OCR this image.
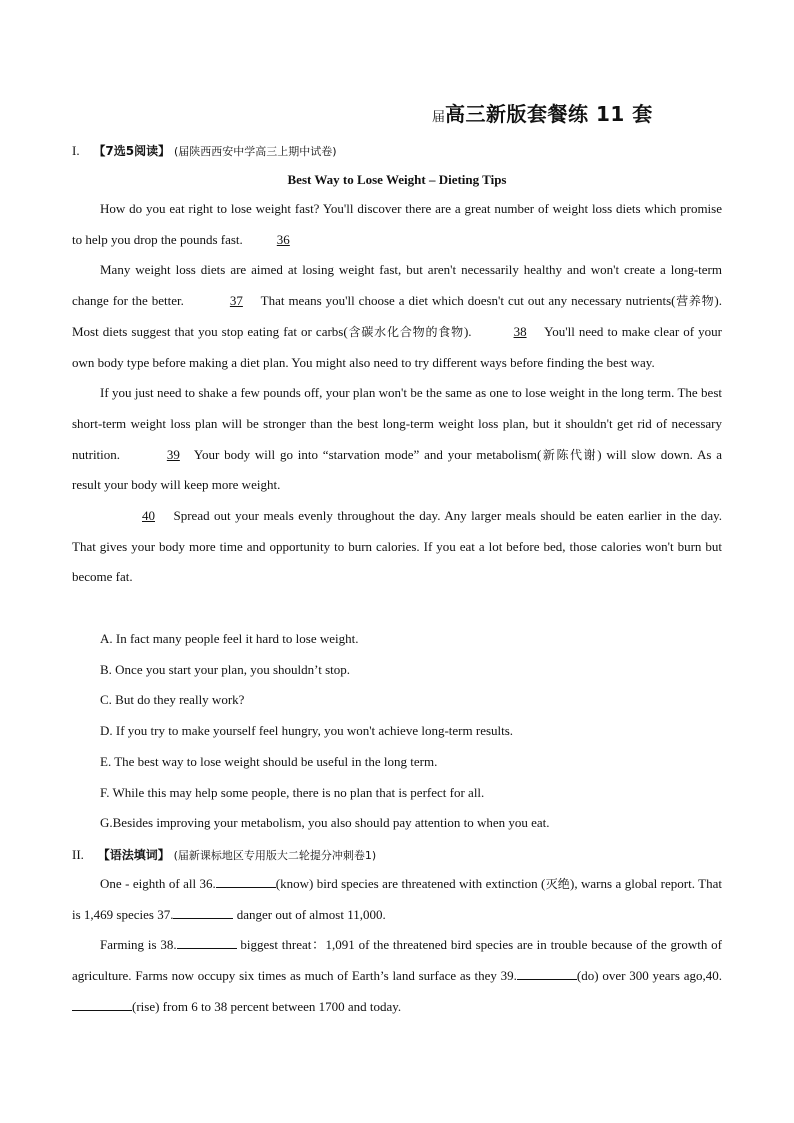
届高三新版套餐练 11 套
I. 【7选5阅读】 (届陕西西安中学高三上期中试卷)
Best Way to Lose Weight – Dieting Tips

How do you eat right to lose weight fast? You'll discover there are a great number of weight loss diets which promise to help you drop the pounds fast.	36

Many weight loss diets are aimed at losing weight fast, but aren't necessarily healthy and won't create a long-term change for the better.	37 That means you'll choose a diet which doesn't cut out any necessary nutrients(营养物). Most diets suggest that you stop eating fat or carbs(含碳水化合物的食物).	38 You'll need to make clear of your own body type before making a diet plan. You might also need to try different ways before finding the best way.

If you just need to shake a few pounds off, your plan won't be the same as one to lose weight in the long term. The best short-term weight loss plan will be stronger than the best long-term weight loss plan, but it shouldn't get rid of necessary nutrition.	39 Your body will go into “starvation mode” and your metabolism(新陈代谢) will slow down. As a result your body will keep more weight.

40 Spread out your meals evenly throughout the day. Any larger meals should be eaten earlier in the day. That gives your body more time and opportunity to burn calories. If you eat a lot before bed, those calories won't burn but become fat.

A. In fact many people feel it hard to lose weight.
B. Once you start your plan, you shouldn’t stop.
C. But do they really work?
D. If you try to make yourself feel hungry, you won't achieve long-term results.
E. The best way to lose weight should be useful in the long term.
F. While this may help some people, there is no plan that is perfect for all.
G.Besides improving your metabolism, you also should pay attention to when you eat.
II. 【语法填词】 (届新课标地区专用版大二轮提分冲刺卷1)

One - eighth of all 36.	(know) bird species are threatened with extinction (灭绝), warns a global report. That is 1,469 species 37.	danger out of almost 11,000.

Farming is 38.	biggest threat：1,091 of the threatened bird species are in trouble because of the growth of agriculture. Farms now occupy six times as much of Earth’s land surface as they 39.	(do) over 300 years ago,40.(rise) from 6 to 38 percent between 1700 and today.
